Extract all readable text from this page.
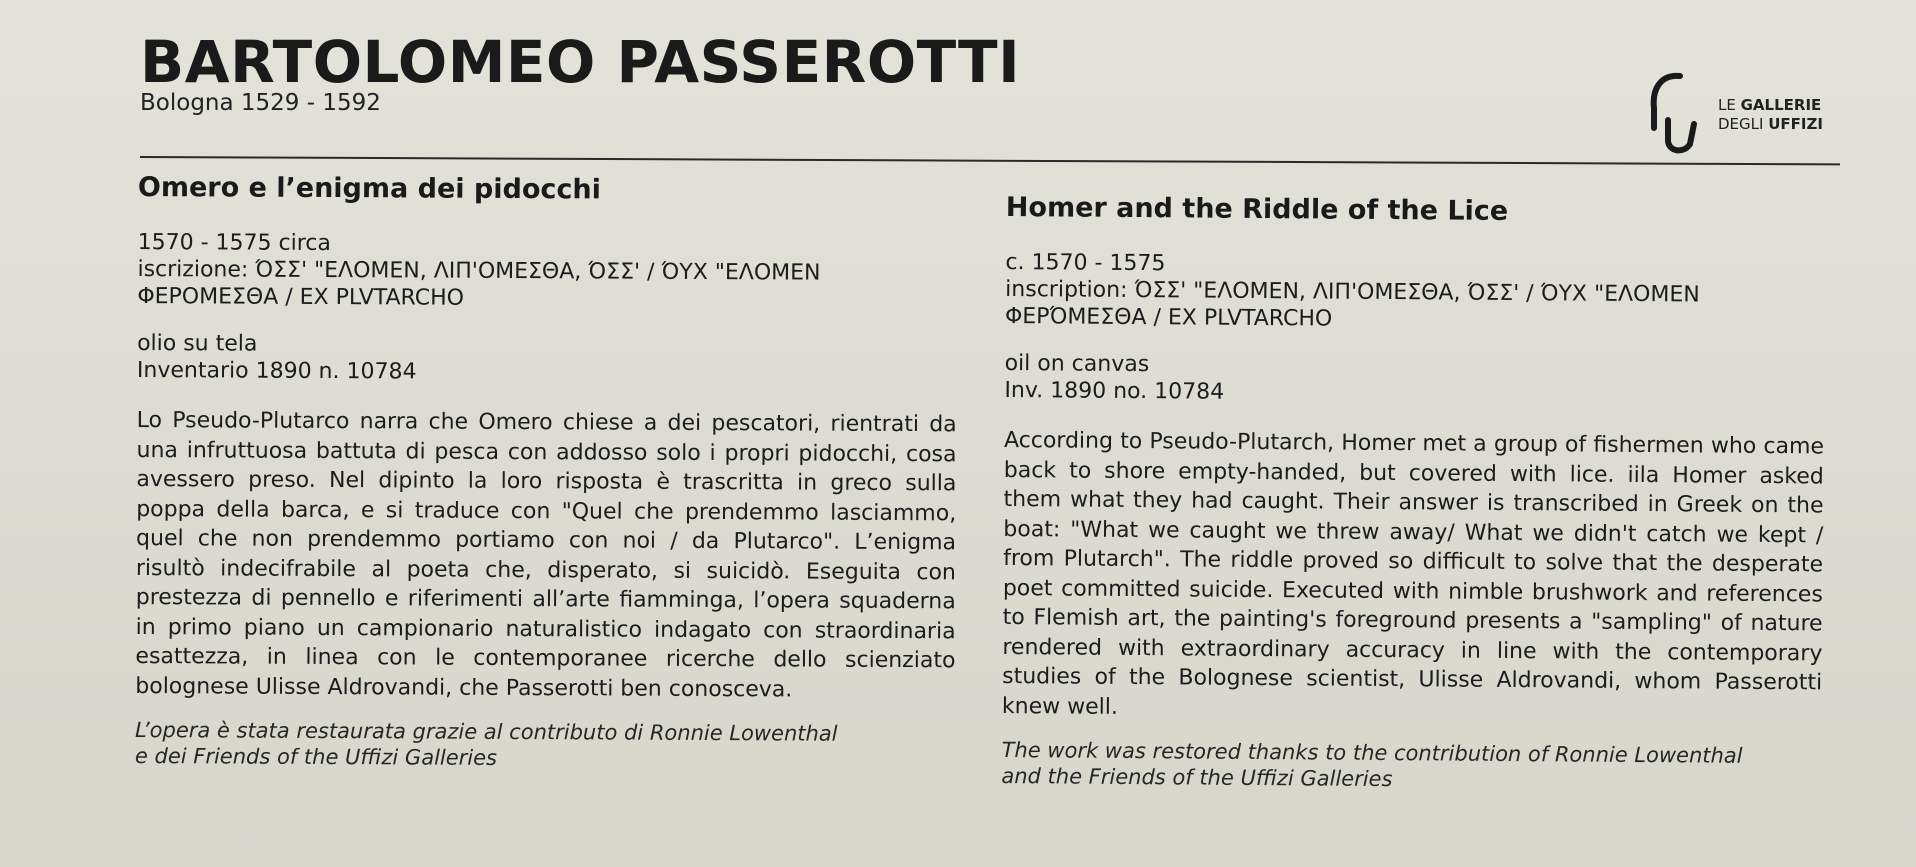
BARTOLOMEO PASSEROTTI
Bologna 1529 - 1592	LE GALLERIE
DEGLI UFFIZI
Omero e l’enigma dei pidocchi
1570 - 1575 circa
iscrizione: ΌΣΣ' "ΕΛΟΜΕΝ, ΛΙΠ'ΟΜΕΣΘΑ, ΌΣΣ' / ΌΥΧ "ΕΛΟΜΕΝ
ΦΕΡΟΜΕΣΘΑ / EX PLVTARCHO
olio su tela
Inventario 1890 n. 10784

Lo Pseudo-Plutarco narra che Omero chiese a dei pescatori, rientrati da una infruttuosa battuta di pesca con addosso solo i propri pidocchi, cosa avessero preso. Nel dipinto la loro risposta è trascritta in greco sulla poppa della barca, e si traduce con "Quel che prendemmo lasciammo, quel che non prendemmo portiamo con noi / da Plutarco". L’enigma risultò indecifrabile al poeta che, disperato, si suicidò. Eseguita con prestezza di pennello e riferimenti all’arte fiamminga, l’opera squaderna in primo piano un campionario naturalistico indagato con straordinaria esattezza, in linea con le contemporanee ricerche dello scienziato bolognese Ulisse Aldrovandi, che Passerotti ben conosceva.

L’opera è stata restaurata grazie al contributo di Ronnie Lowenthal
e dei Friends of the Uffizi Galleries
Homer and the Riddle of the Lice
c. 1570 - 1575
inscription: ΌΣΣ' "ΕΛΟΜΕΝ, ΛΙΠ'ΟΜΕΣΘΑ, ΌΣΣ' / ΌΥΧ "ΕΛΟΜΕΝ
ΦΕΡΌΜΕΣΘΑ / EX PLVTARCHO
oil on canvas
Inv. 1890 no. 10784

According to Pseudo-Plutarch, Homer met a group of fishermen who came back to shore empty-handed, but covered with lice. iila Homer asked them what they had caught. Their answer is transcribed in Greek on the boat: "What we caught we threw away/ What we didn't catch we kept / from Plutarch". The riddle proved so difficult to solve that the desperate poet committed suicide. Executed with nimble brushwork and references to Flemish art, the painting's foreground presents a "sampling" of nature rendered with extraordinary accuracy in line with the contemporary studies of the Bolognese scientist, Ulisse Aldrovandi, whom Passerotti knew well.

The work was restored thanks to the contribution of Ronnie Lowenthal
and the Friends of the Uffizi Galleries
